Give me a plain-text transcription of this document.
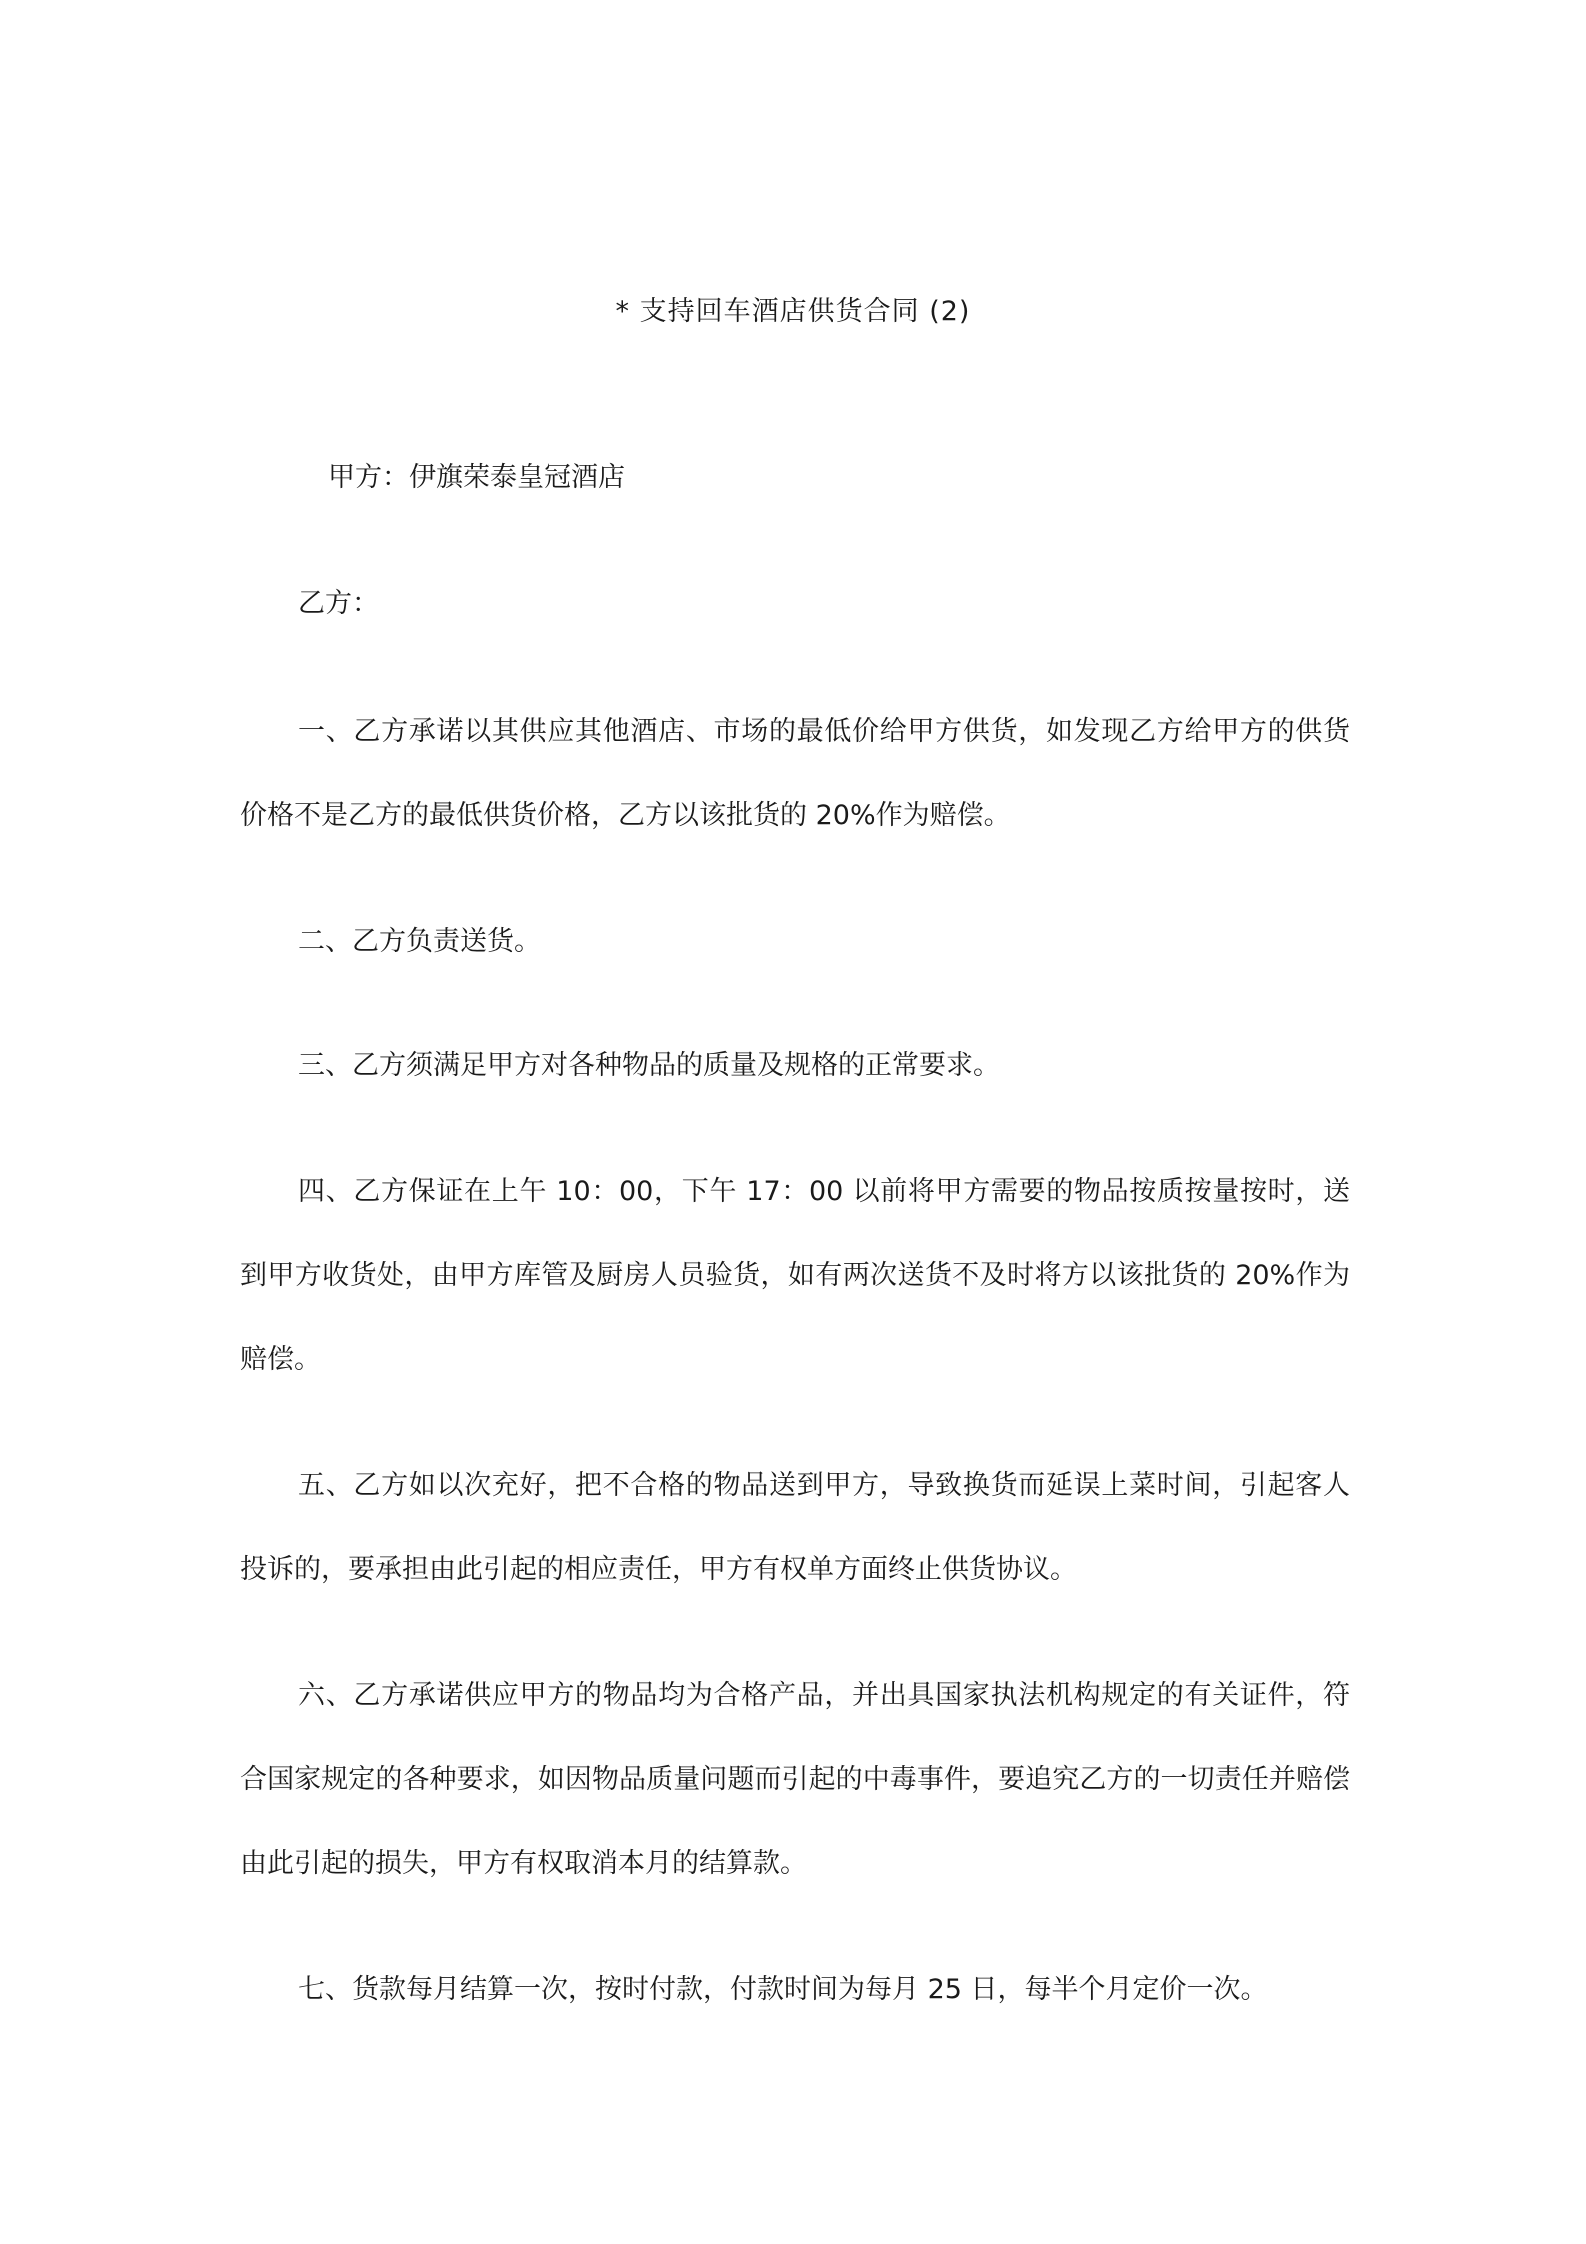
* 支持回车酒店供货合同 (2)

甲方：伊旗荣泰皇冠酒店

乙方：

一、乙方承诺以其供应其他酒店、市场的最低价给甲方供货，如发现乙方给甲方的供货价格不是乙方的最低供货价格，乙方以该批货的 20%作为赔偿。

二、乙方负责送货。

三、乙方须满足甲方对各种物品的质量及规格的正常要求。

四、乙方保证在上午 10：00，下午 17：00 以前将甲方需要的物品按质按量按时，送到甲方收货处，由甲方库管及厨房人员验货，如有两次送货不及时将方以该批货的 20%作为赔偿。

五、乙方如以次充好，把不合格的物品送到甲方，导致换货而延误上菜时间，引起客人投诉的，要承担由此引起的相应责任，甲方有权单方面终止供货协议。

六、乙方承诺供应甲方的物品均为合格产品，并出具国家执法机构规定的有关证件，符合国家规定的各种要求，如因物品质量问题而引起的中毒事件，要追究乙方的一切责任并赔偿由此引起的损失，甲方有权取消本月的结算款。

七、货款每月结算一次，按时付款，付款时间为每月 25 日，每半个月定价一次。
